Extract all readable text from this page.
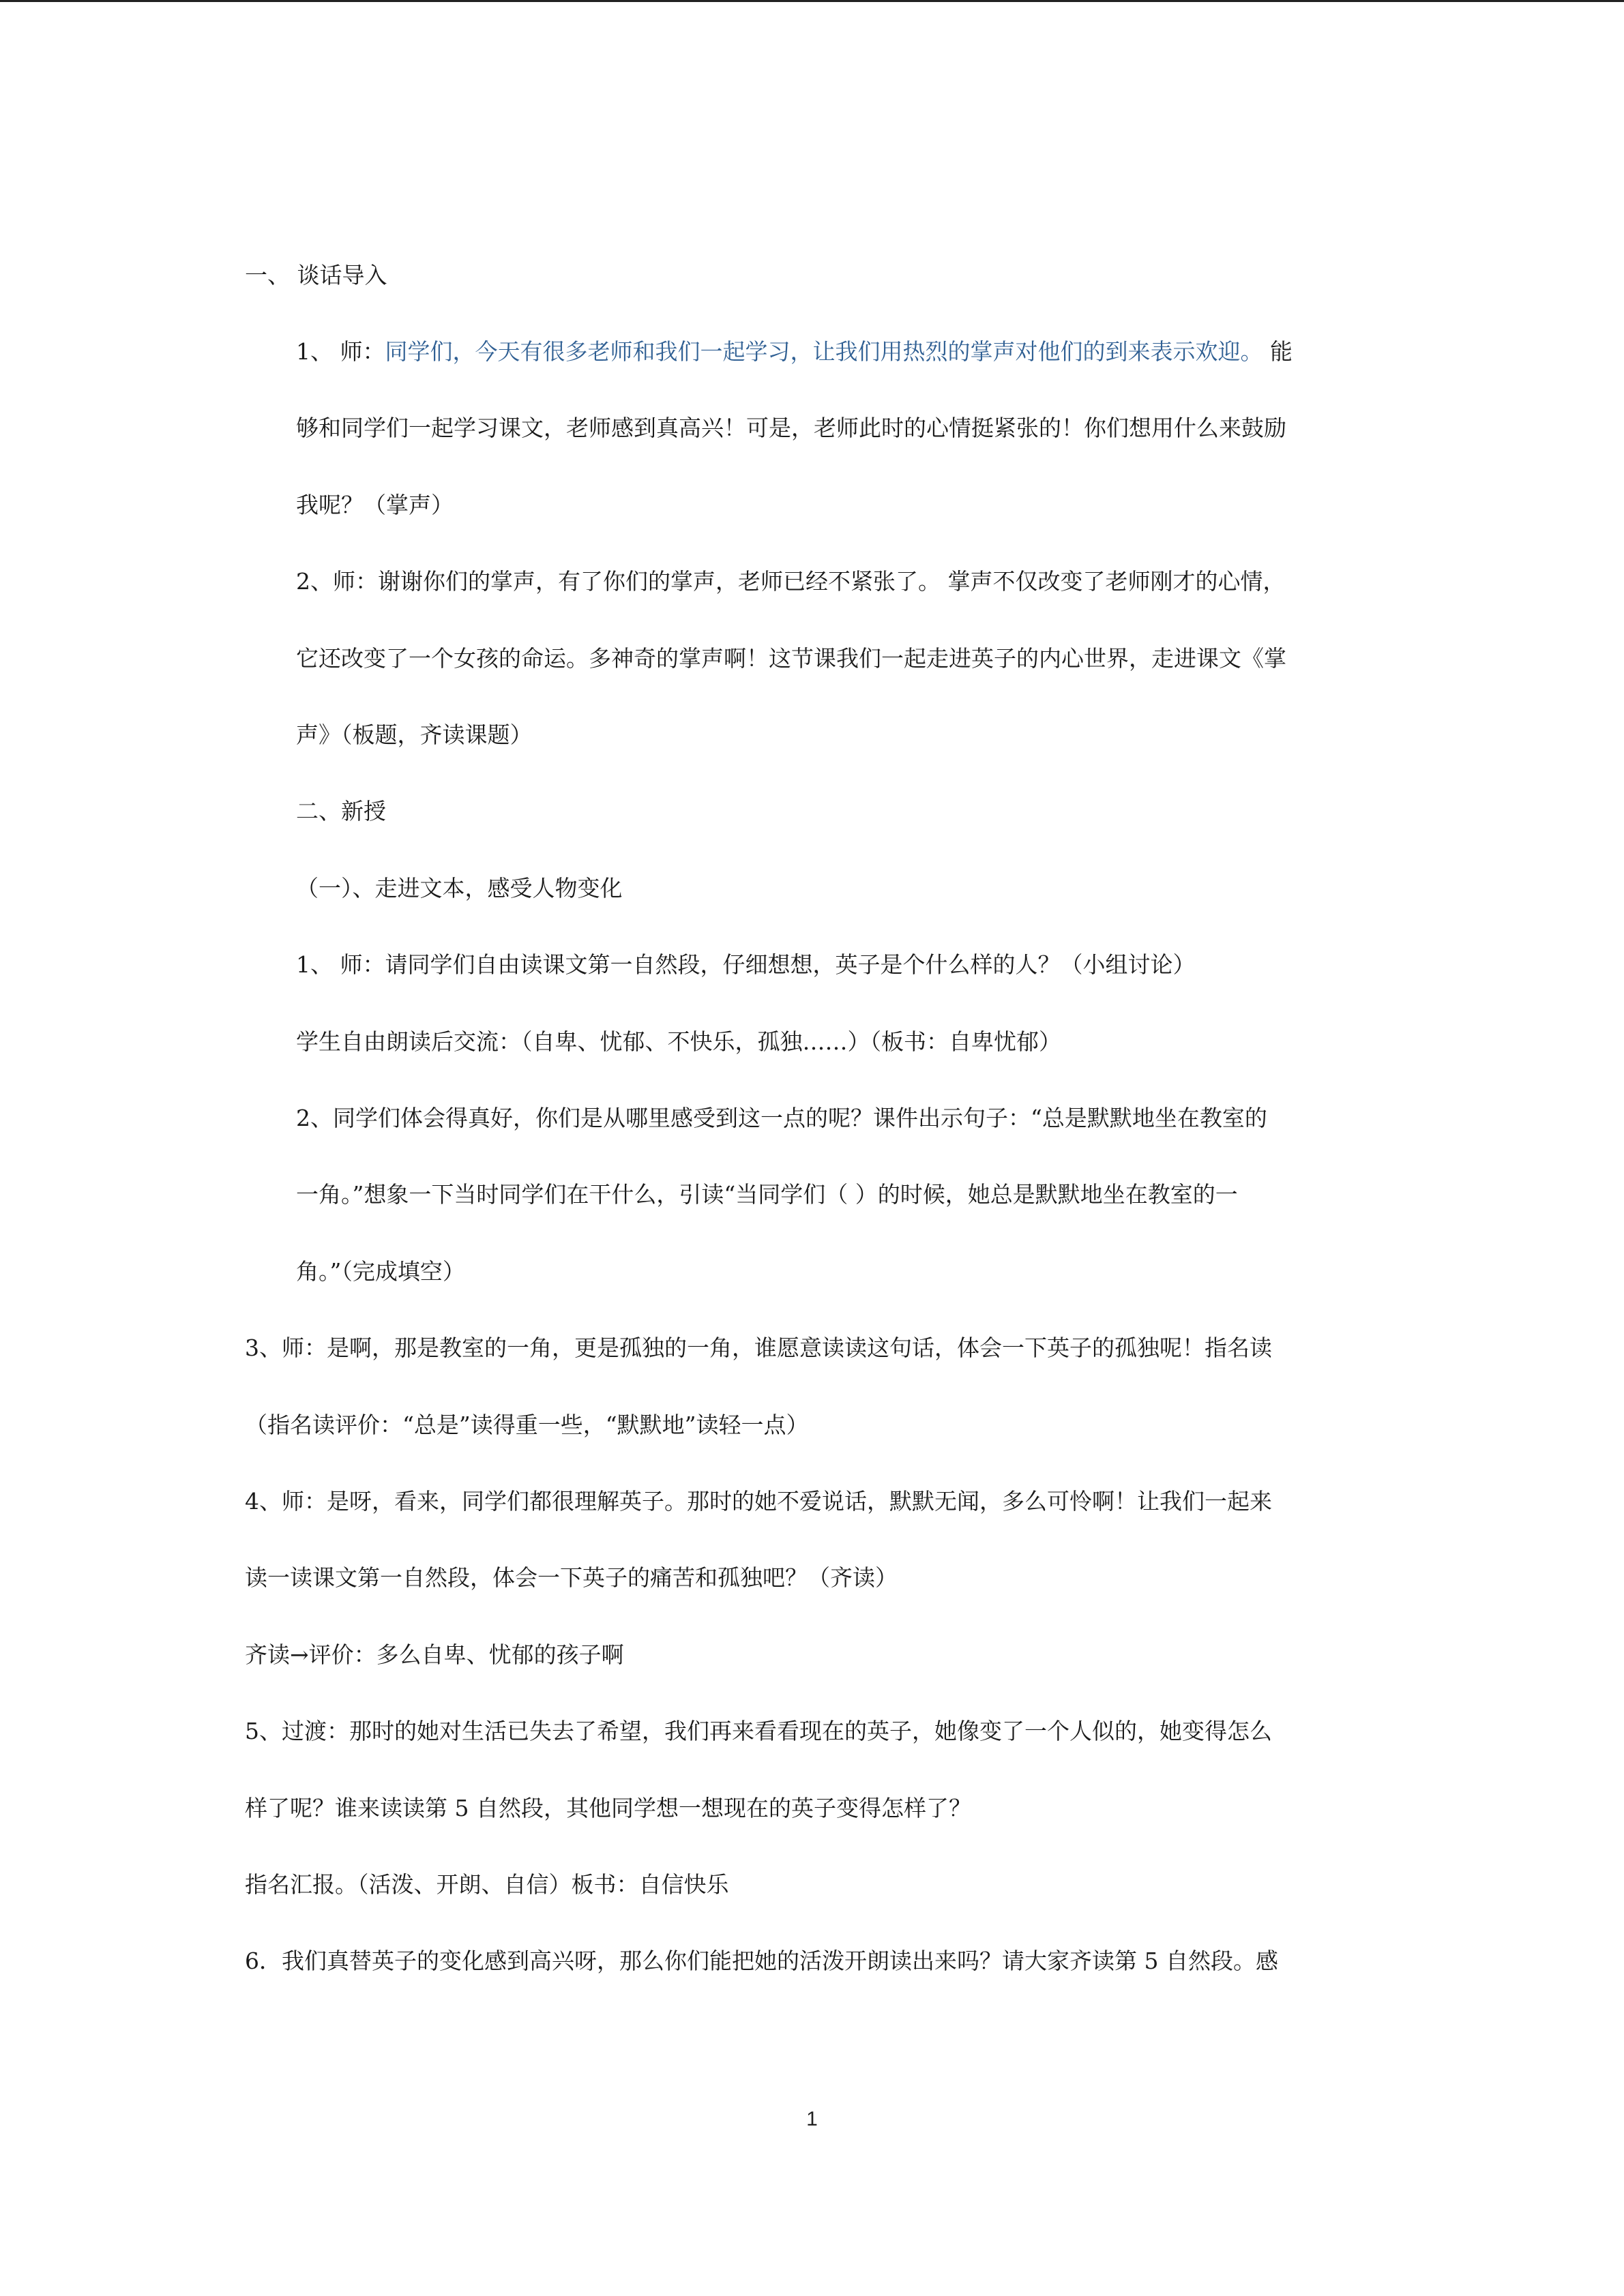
一、 谈话导入
1、 师：同学们，今天有很多老师和我们一起学习，让我们用热烈的掌声对他们的到来表示欢迎。 能
够和同学们一起学习课文，老师感到真高兴！可是，老师此时的心情挺紧张的！你们想用什么来鼓励
我呢？（掌声）
2、师：谢谢你们的掌声，有了你们的掌声，老师已经不紧张了。 掌声不仅改变了老师刚才的心情，
它还改变了一个女孩的命运。多神奇的掌声啊！这节课我们一起走进英子的内心世界，走进课文《掌
声》（板题，齐读课题）
二、新授
（一）、走进文本，感受人物变化
1、 师：请同学们自由读课文第一自然段，仔细想想，英子是个什么样的人？（小组讨论）
学生自由朗读后交流：（自卑、忧郁、不快乐，孤独……）（板书：自卑忧郁）
2、同学们体会得真好，你们是从哪里感受到这一点的呢？课件出示句子：“总是默默地坐在教室的
一角。”想象一下当时同学们在干什么，引读“当同学们（ ）的时候，她总是默默地坐在教室的一
角。”（完成填空）
3、师：是啊，那是教室的一角，更是孤独的一角，谁愿意读读这句话，体会一下英子的孤独呢！指名读
（指名读评价：“总是”读得重一些，“默默地”读轻一点）
4、师：是呀，看来，同学们都很理解英子。那时的她不爱说话，默默无闻，多么可怜啊！让我们一起来
读一读课文第一自然段，体会一下英子的痛苦和孤独吧？（齐读）
齐读→评价：多么自卑、忧郁的孩子啊
5、过渡：那时的她对生活已失去了希望，我们再来看看现在的英子，她像变了一个人似的，她变得怎么
样了呢？谁来读读第 5 自然段，其他同学想一想现在的英子变得怎样了？
指名汇报。（活泼、开朗、自信）板书：自信快乐
6．我们真替英子的变化感到高兴呀，那么你们能把她的活泼开朗读出来吗？请大家齐读第 5 自然段。感
1
